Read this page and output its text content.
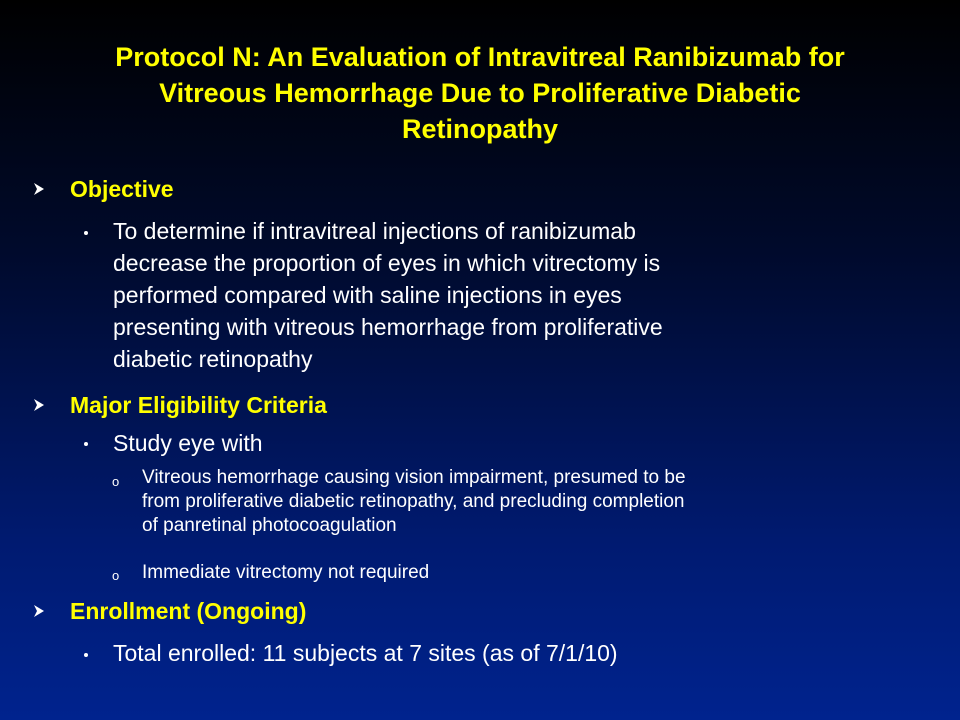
Protocol N: An Evaluation of Intravitreal Ranibizumab for
Vitreous Hemorrhage Due to Proliferative Diabetic
Retinopathy
Objective
To determine if intravitreal injections of ranibizumab
decrease the proportion of eyes in which vitrectomy is
performed compared with saline injections in eyes
presenting with vitreous hemorrhage from proliferative
diabetic retinopathy
Major Eligibility Criteria
Study eye with
o Vitreous hemorrhage causing vision impairment, presumed to be
from proliferative diabetic retinopathy, and precluding completion
of panretinal photocoagulation
o Immediate vitrectomy not required
Enrollment (Ongoing)
Total enrolled: 11 subjects at 7 sites (as of 7/1/10)
